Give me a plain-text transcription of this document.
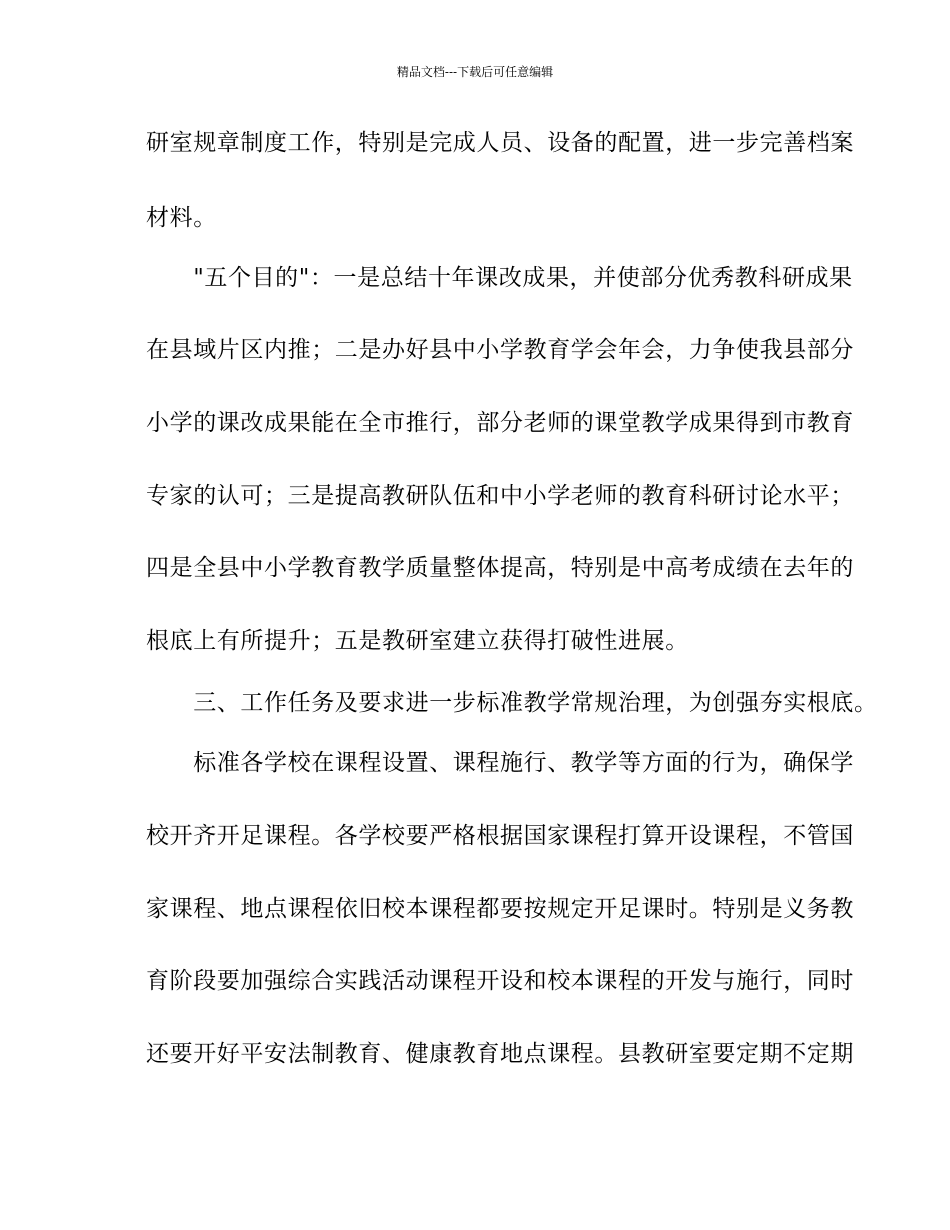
精品文档---下载后可任意编辑
研室规章制度工作，特别是完成人员、设备的配置，进一步完善档案
材料。
　　"五个目的"：一是总结十年课改成果，并使部分优秀教科研成果
在县域片区内推；二是办好县中小学教育学会年会，力争使我县部分
小学的课改成果能在全市推行，部分老师的课堂教学成果得到市教育
专家的认可；三是提高教研队伍和中小学老师的教育科研讨论水平；
四是全县中小学教育教学质量整体提高，特别是中高考成绩在去年的
根底上有所提升；五是教研室建立获得打破性进展。
　　三、工作任务及要求进一步标准教学常规治理，为创强夯实根底。
　　标准各学校在课程设置、课程施行、教学等方面的行为，确保学
校开齐开足课程。各学校要严格根据国家课程打算开设课程，不管国
家课程、地点课程依旧校本课程都要按规定开足课时。特别是义务教
育阶段要加强综合实践活动课程开设和校本课程的开发与施行，同时
还要开好平安法制教育、健康教育地点课程。县教研室要定期不定期
